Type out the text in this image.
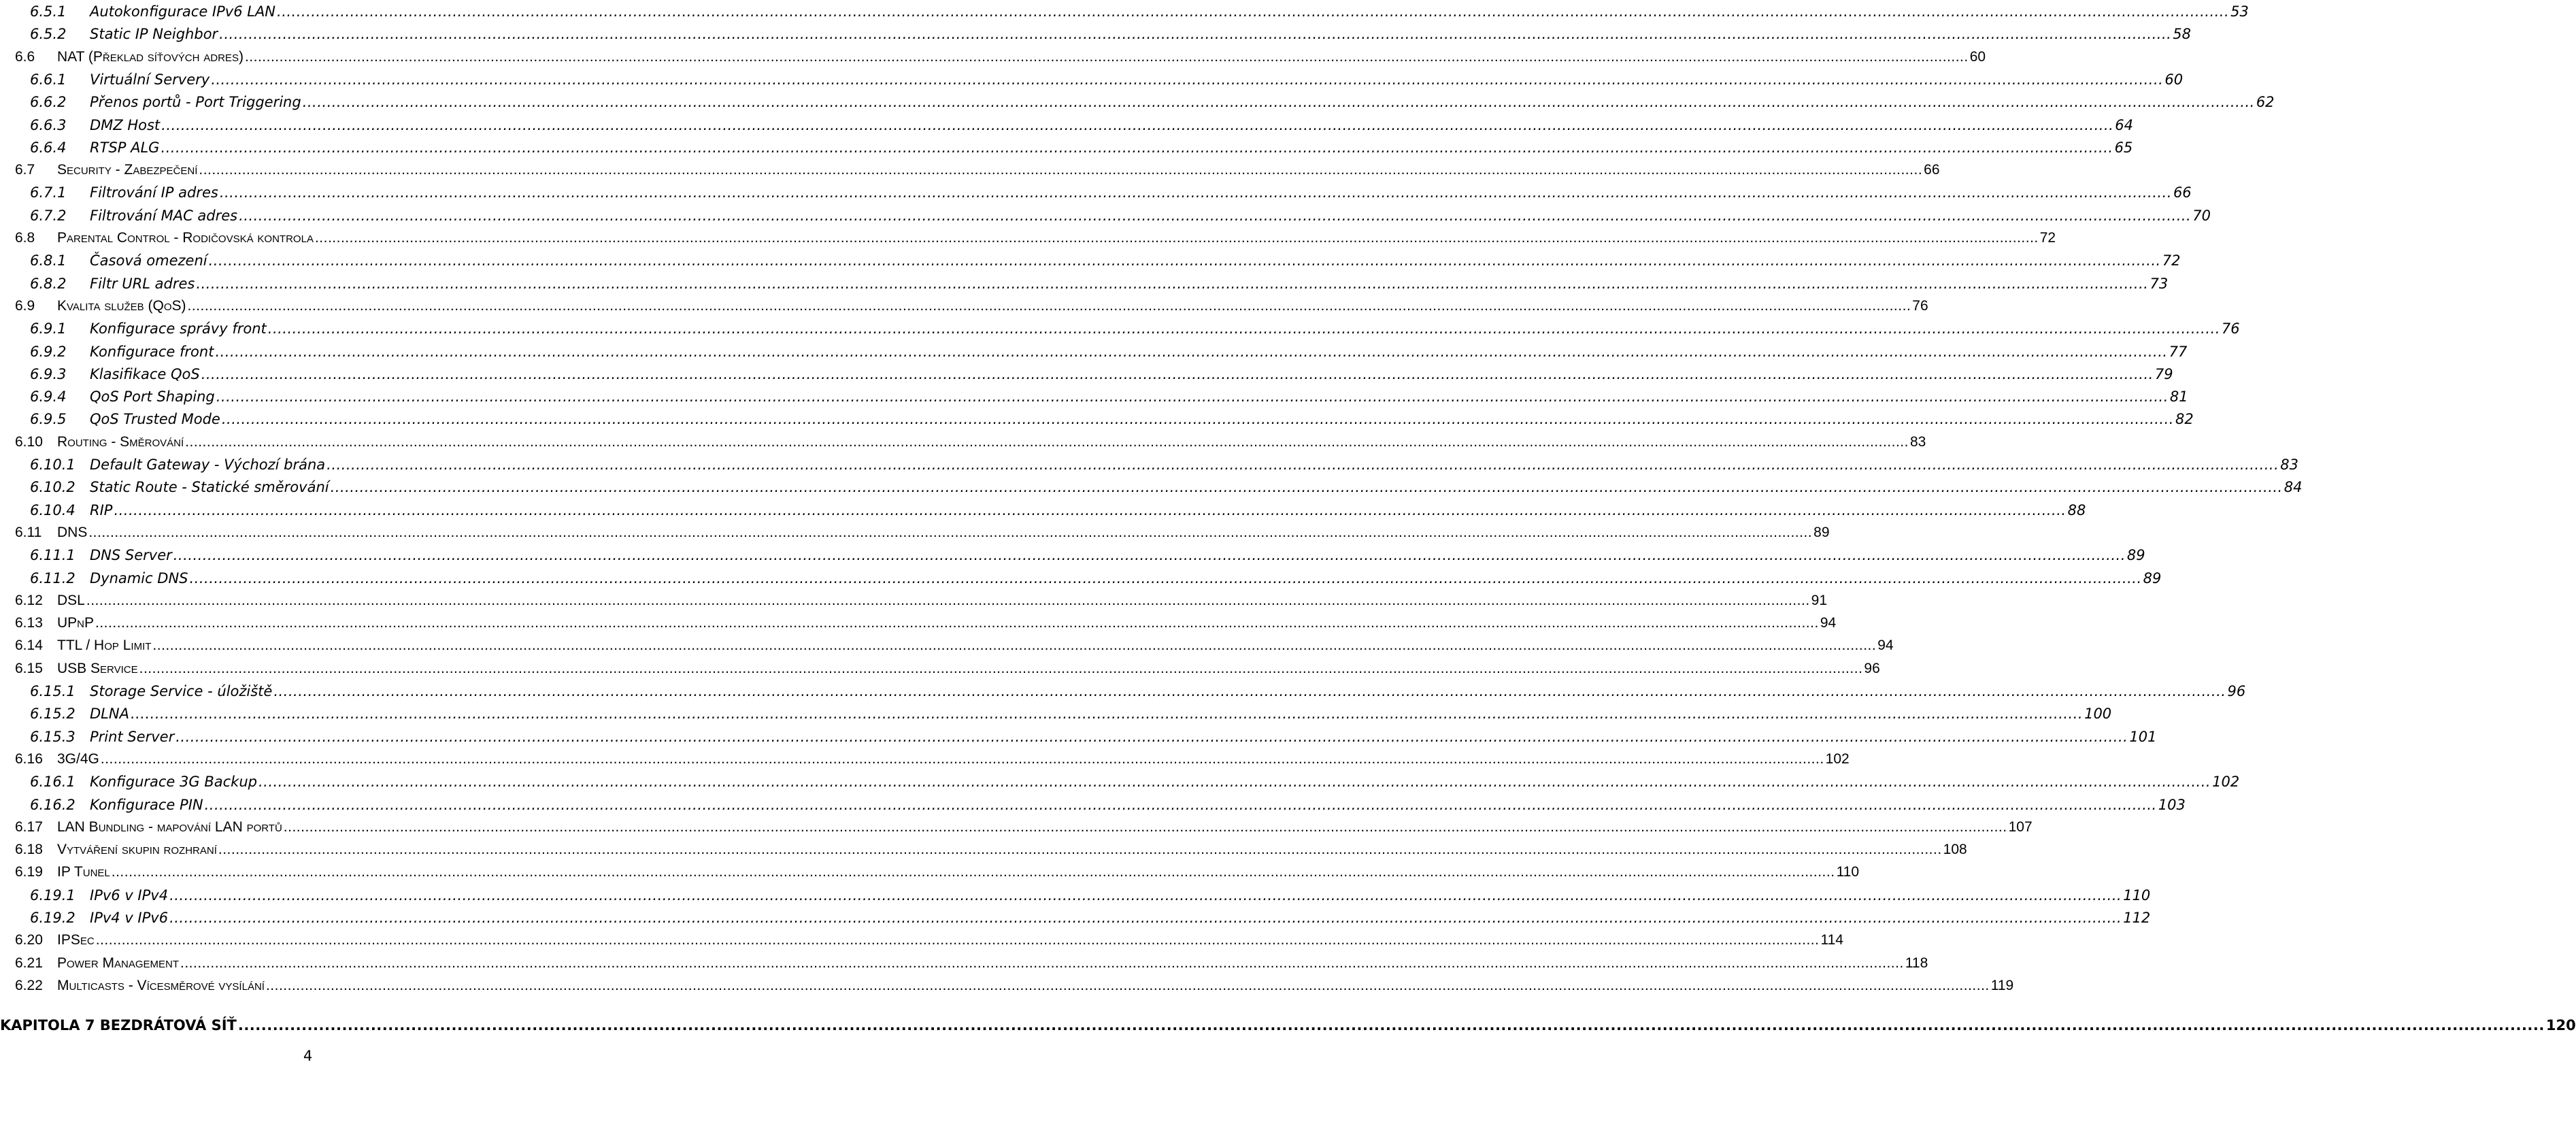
6.5.1 Autokonfigurace IPv6 LAN ................................................................................................................................................................................................................................................................................................................................................................................................................ 53
6.5.2 Static IP Neighbor ................................................................................................................................................................................................................................................................................................................................................................................................................ 58
6.6 NAT (Překlad síťových adres) ................................................................................................................................................................................................................................................................................................................................................................................................................ 60
6.6.1 Virtuální Servery ................................................................................................................................................................................................................................................................................................................................................................................................................ 60
6.6.2 Přenos portů - Port Triggering ................................................................................................................................................................................................................................................................................................................................................................................................................ 62
6.6.3 DMZ Host ................................................................................................................................................................................................................................................................................................................................................................................................................ 64
6.6.4 RTSP ALG ................................................................................................................................................................................................................................................................................................................................................................................................................ 65
6.7 Security - Zabezpečení ................................................................................................................................................................................................................................................................................................................................................................................................................ 66
6.7.1 Filtrování IP adres ................................................................................................................................................................................................................................................................................................................................................................................................................ 66
6.7.2 Filtrování MAC adres ................................................................................................................................................................................................................................................................................................................................................................................................................ 70
6.8 Parental Control - Rodičovská kontrola ................................................................................................................................................................................................................................................................................................................................................................................................................ 72
6.8.1 Časová omezení ................................................................................................................................................................................................................................................................................................................................................................................................................ 72
6.8.2 Filtr URL adres ................................................................................................................................................................................................................................................................................................................................................................................................................ 73
6.9 Kvalita služeb (QoS) ................................................................................................................................................................................................................................................................................................................................................................................................................ 76
6.9.1 Konfigurace správy front ................................................................................................................................................................................................................................................................................................................................................................................................................ 76
6.9.2 Konfigurace front ................................................................................................................................................................................................................................................................................................................................................................................................................ 77
6.9.3 Klasifikace QoS ................................................................................................................................................................................................................................................................................................................................................................................................................ 79
6.9.4 QoS Port Shaping ................................................................................................................................................................................................................................................................................................................................................................................................................ 81
6.9.5 QoS Trusted Mode ................................................................................................................................................................................................................................................................................................................................................................................................................ 82
6.10 Routing - Směrování ................................................................................................................................................................................................................................................................................................................................................................................................................ 83
6.10.1 Default Gateway - Výchozí brána ................................................................................................................................................................................................................................................................................................................................................................................................................ 83
6.10.2 Static Route - Statické směrování ................................................................................................................................................................................................................................................................................................................................................................................................................ 84
6.10.4 RIP ................................................................................................................................................................................................................................................................................................................................................................................................................ 88
6.11 DNS ................................................................................................................................................................................................................................................................................................................................................................................................................ 89
6.11.1 DNS Server ................................................................................................................................................................................................................................................................................................................................................................................................................ 89
6.11.2 Dynamic DNS ................................................................................................................................................................................................................................................................................................................................................................................................................ 89
6.12 DSL ................................................................................................................................................................................................................................................................................................................................................................................................................ 91
6.13 UPnP ................................................................................................................................................................................................................................................................................................................................................................................................................ 94
6.14 TTL / Hop Limit ................................................................................................................................................................................................................................................................................................................................................................................................................ 94
6.15 USB Service ................................................................................................................................................................................................................................................................................................................................................................................................................ 96
6.15.1 Storage Service - úložiště ................................................................................................................................................................................................................................................................................................................................................................................................................ 96
6.15.2 DLNA ................................................................................................................................................................................................................................................................................................................................................................................................................ 100
6.15.3 Print Server ................................................................................................................................................................................................................................................................................................................................................................................................................ 101
6.16 3G/4G ................................................................................................................................................................................................................................................................................................................................................................................................................ 102
6.16.1 Konfigurace 3G Backup ................................................................................................................................................................................................................................................................................................................................................................................................................ 102
6.16.2 Konfigurace PIN ................................................................................................................................................................................................................................................................................................................................................................................................................ 103
6.17 LAN Bundling - mapování LAN portů ................................................................................................................................................................................................................................................................................................................................................................................................................ 107
6.18 Vytváření skupin rozhraní ................................................................................................................................................................................................................................................................................................................................................................................................................ 108
6.19 IP Tunel ................................................................................................................................................................................................................................................................................................................................................................................................................ 110
6.19.1 IPv6 v IPv4 ................................................................................................................................................................................................................................................................................................................................................................................................................ 110
6.19.2 IPv4 v IPv6 ................................................................................................................................................................................................................................................................................................................................................................................................................ 112
6.20 IPSec ................................................................................................................................................................................................................................................................................................................................................................................................................ 114
6.21 Power Management ................................................................................................................................................................................................................................................................................................................................................................................................................ 118
6.22 Multicasts - Vícesměrové vysílání ................................................................................................................................................................................................................................................................................................................................................................................................................ 119
KAPITOLA 7 BEZDRÁTOVÁ SÍŤ ................................................................................................................................................................................................................................................................................................................................................................................................................ 120
4
